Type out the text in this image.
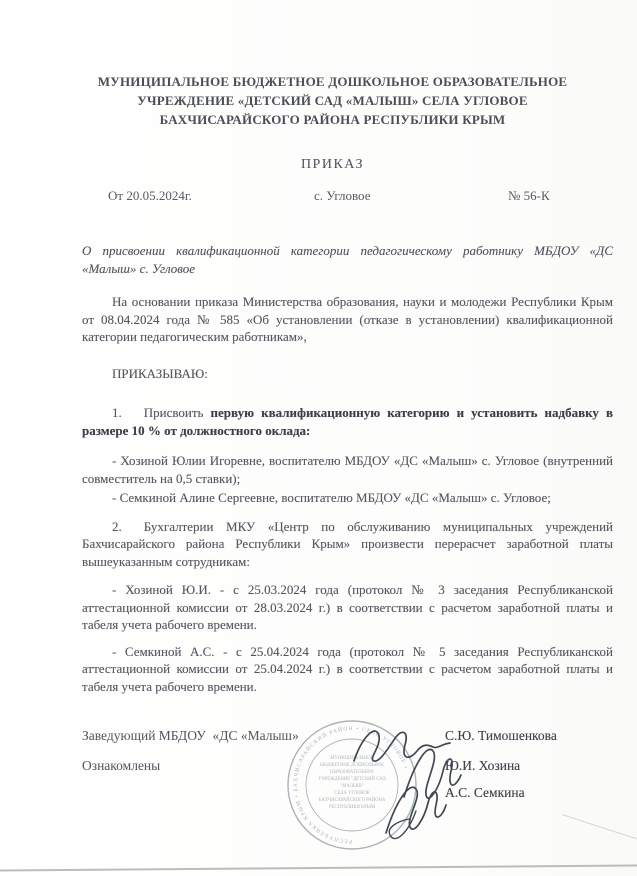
МУНИЦИПАЛЬНОЕ БЮДЖЕТНОЕ ДОШКОЛЬНОЕ ОБРАЗОВАТЕЛЬНОЕ
УЧРЕЖДЕНИЕ «ДЕТСКИЙ САД «МАЛЫШ» СЕЛА УГЛОВОЕ
БАХЧИСАРАЙСКОГО РАЙОНА РЕСПУБЛИКИ КРЫМ
ПРИКАЗ
От 20.05.2024г.	с. Угловое	№ 56-К

О присвоении квалификационной категории педагогическому работнику МБДОУ «ДС «Малыш» с. Угловое

На основании приказа Министерства образования, науки и молодежи Республики Крым от 08.04.2024 года № 585 «Об установлении (отказе в установлении) квалификационной категории педагогическим работникам»,

ПРИКАЗЫВАЮ:

1. Присвоить первую квалификационную категорию и установить надбавку в размере 10 % от должностного оклада:

- Хозиной Юлии Игоревне, воспитателю МБДОУ «ДС «Малыш» с. Угловое (внутренний совместитель на 0,5 ставки);

- Семкиной Алине Сергеевне, воспитателю МБДОУ «ДС «Малыш» с. Угловое;

2. Бухгалтерии МКУ «Центр по обслуживанию муниципальных учреждений Бахчисарайского района Республики Крым» произвести перерасчет заработной платы вышеуказанным сотрудникам:

- Хозиной Ю.И. - с 25.03.2024 года (протокол № 3 заседания Республиканской аттестационной комиссии от 28.03.2024 г.) в соответствии с расчетом заработной платы и табеля учета рабочего времени.

- Семкиной А.С. - с 25.04.2024 года (протокол № 5 заседания Республиканской аттестационной комиссии от 25.04.2024 г.) в соответствии с расчетом заработной платы и табеля учета рабочего времени.

Заведующий МБДОУ  «ДС «Малыш»	С.Ю. Тимошенкова
Ознакомлены	Ю.И. Хозина
А.С. Семкина
РЕСПУБЛИКА КРЫМ • БАХЧИСАРАЙСКИЙ РАЙОН • СЕЛО УГЛОВОЕ •
МУНИЦИПАЛЬНОЕ
БЮДЖЕТНОЕ ДОШКОЛЬНОЕ
ОБРАЗОВАТЕЛЬНОЕ
УЧРЕЖДЕНИЕ "ДЕТСКИЙ САД
"МАЛЫШ"
СЕЛА УГЛОВОЕ
БАХЧИСАРАЙСКОГО РАЙОНА
РЕСПУБЛИКИ КРЫМ
